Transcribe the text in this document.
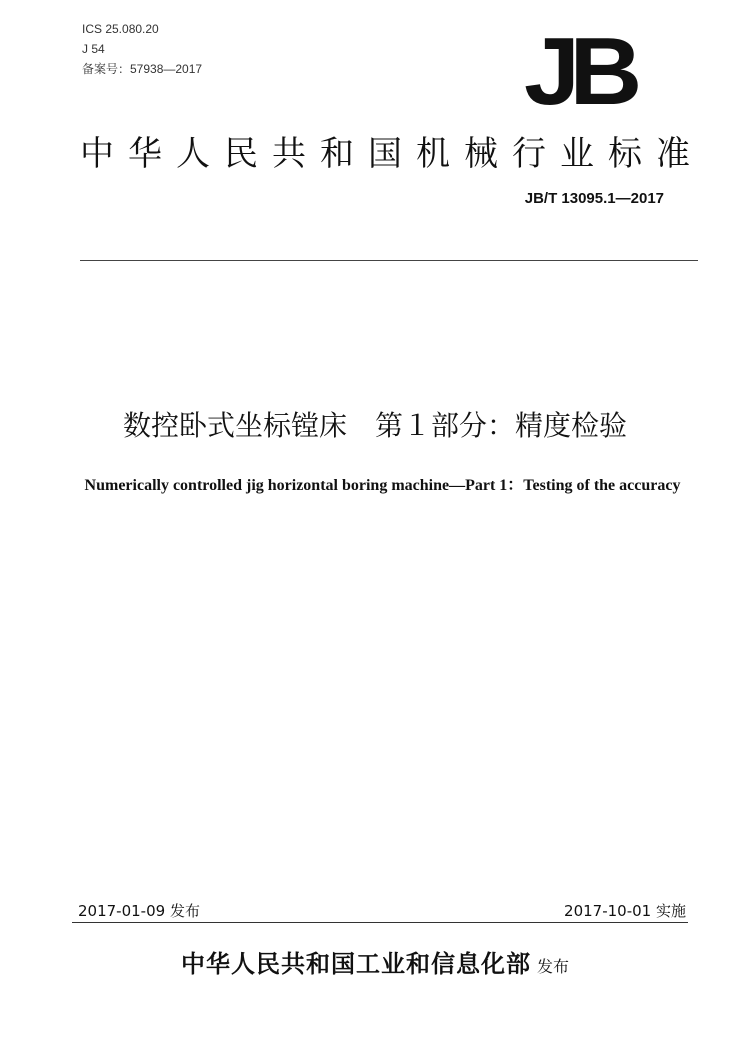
ICS 25.080.20
J 54
备案号：57938—2017	JB
中华人民共和国机械行业标准
JB/T 13095.1—2017
数控卧式坐标镗床　第１部分：精度检验
Numerically controlled jig horizontal boring machine—Part 1：Testing of the accuracy
2017-01-09 发布	2017-10-01 实施
中华人民共和国工业和信息化部 发布
